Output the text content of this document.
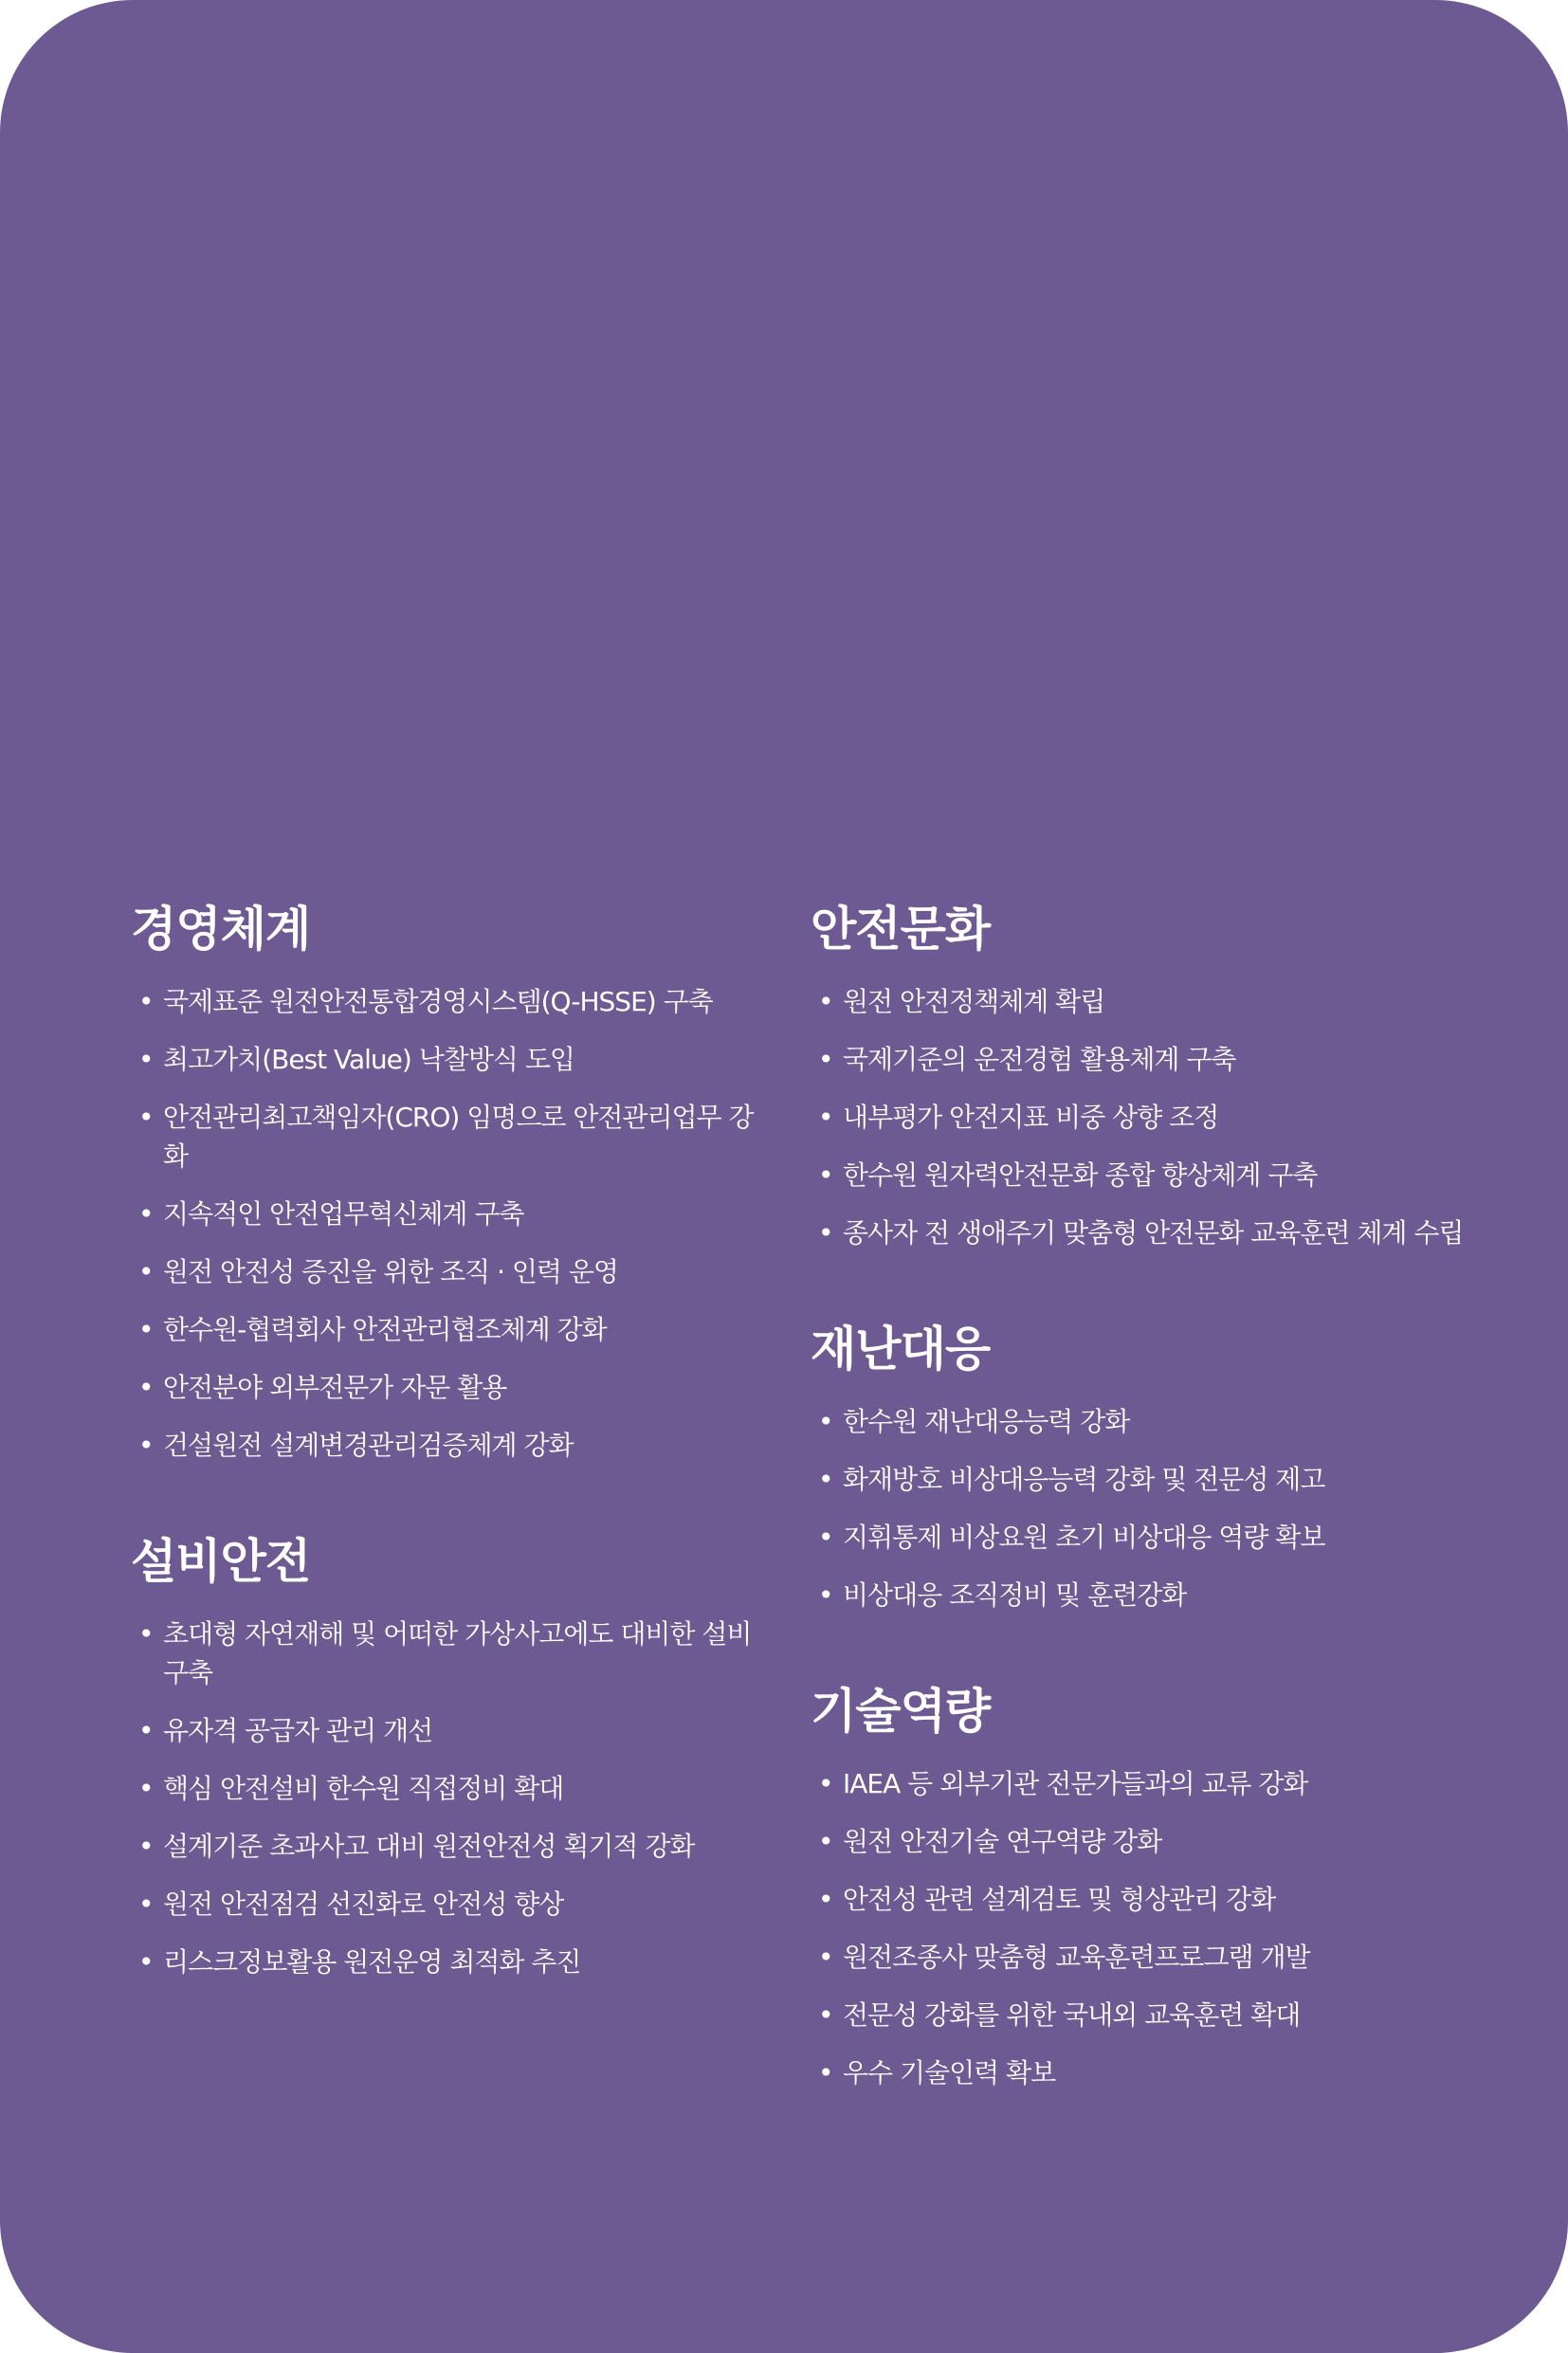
경영체계
• 국제표준 원전안전통합경영시스템(Q-HSSE) 구축
• 최고가치(Best Value) 낙찰방식 도입
• 안전관리최고책임자(CRO) 임명으로 안전관리업무 강화
• 지속적인 안전업무혁신체계 구축
• 원전 안전성 증진을 위한 조직 · 인력 운영
• 한수원-협력회사 안전관리협조체계 강화
• 안전분야 외부전문가 자문 활용
• 건설원전 설계변경관리검증체계 강화
설비안전
• 초대형 자연재해 및 어떠한 가상사고에도 대비한 설비 구축
• 유자격 공급자 관리 개선
• 핵심 안전설비 한수원 직접정비 확대
• 설계기준 초과사고 대비 원전안전성 획기적 강화
• 원전 안전점검 선진화로 안전성 향상
• 리스크정보활용 원전운영 최적화 추진
안전문화
• 원전 안전정책체계 확립
• 국제기준의 운전경험 활용체계 구축
• 내부평가 안전지표 비중 상향 조정
• 한수원 원자력안전문화 종합 향상체계 구축
• 종사자 전 생애주기 맞춤형 안전문화 교육훈련 체계 수립
재난대응
• 한수원 재난대응능력 강화
• 화재방호 비상대응능력 강화 및 전문성 제고
• 지휘통제 비상요원 초기 비상대응 역량 확보
• 비상대응 조직정비 및 훈련강화
기술역량
• IAEA 등 외부기관 전문가들과의 교류 강화
• 원전 안전기술 연구역량 강화
• 안전성 관련 설계검토 및 형상관리 강화
• 원전조종사 맞춤형 교육훈련프로그램 개발
• 전문성 강화를 위한 국내외 교육훈련 확대
• 우수 기술인력 확보
